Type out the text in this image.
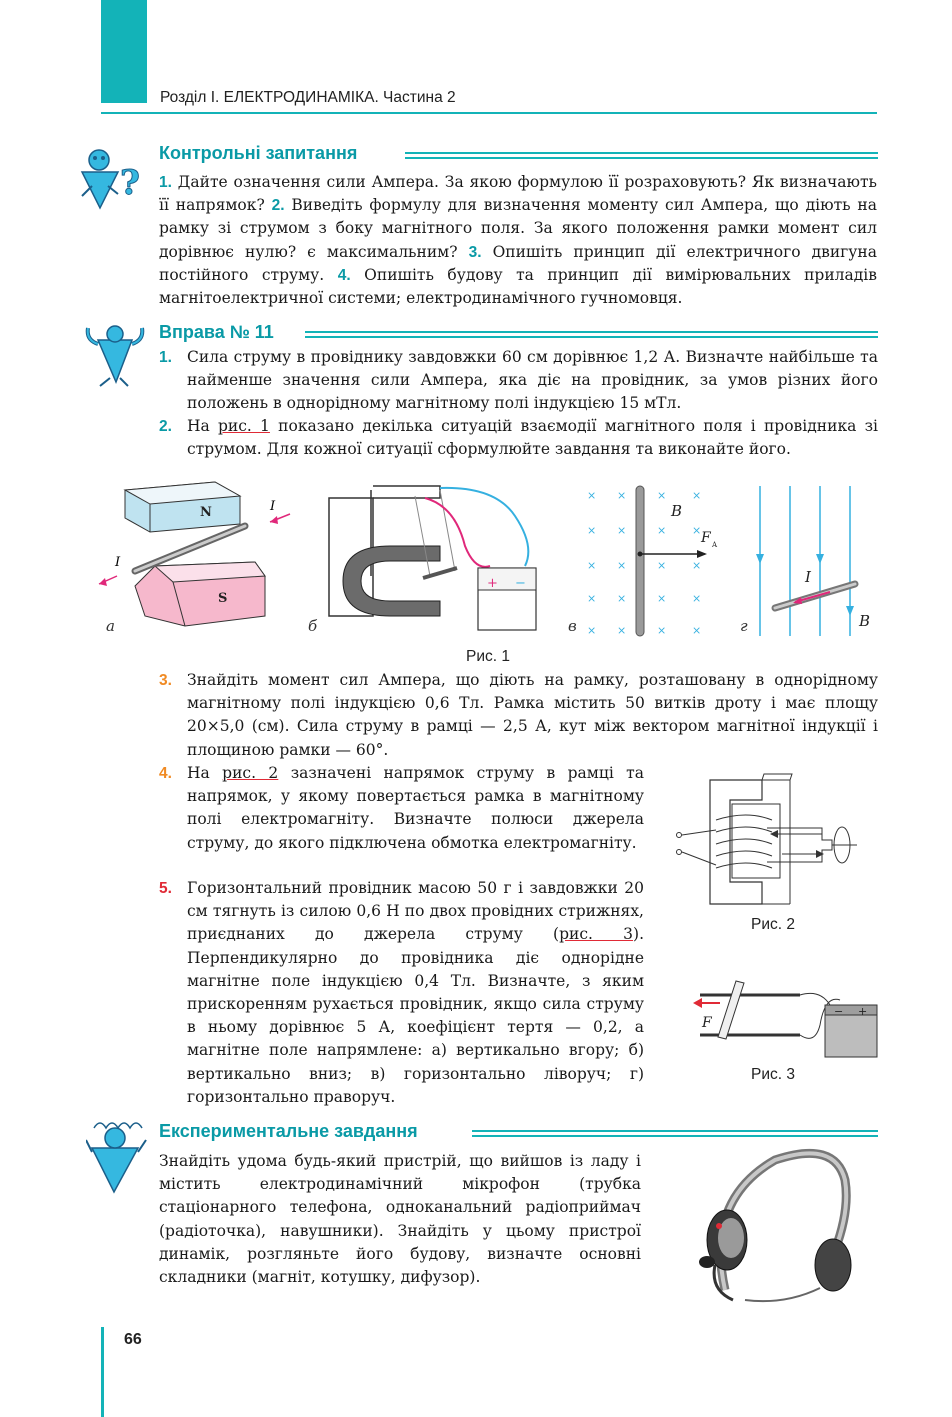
Розділ І. ЕЛЕКТРОДИНАМІКА. Частина 2
?
Контрольні запитання
1. Дайте означення сили Ампера. За якою формулою її розраховують? Як визначають її напрямок? 2. Виведіть формулу для визначення моменту сил Ампера, що діють на рамку зі струмом з боку магнітного поля. За якого положення рамки момент сил дорівнює нулю? є максимальним? 3. Опишіть принцип дії електричного двигуна постійного струму. 4. Опишіть будову та принцип дії вимірювальних приладів магнітоелектричної системи; електродинамічного гучномовця.
Вправа № 11
1. Сила струму в провіднику завдовжки 60 см дорівнює 1,2 А. Визначте найбільше та найменше значення сили Ампера, яка діє на провідник, за умов різних його положень в однорідному магнітному полі індукцією 15 мТл.
2. На рис. 1 показано декілька ситуацій взаємодії магнітного поля і провідника зі струмом. Для кожної ситуації сформулюйте завдання та виконайте його.
N
S
I
I
+ −
× ×	× ×
× ×	× ×
× ×	× ×
× ×	× ×
× ×	× ×
B
F A
I
B
а	б	в	г
Рис. 1
3. Знайдіть момент сил Ампера, що діють на рамку, розташовану в однорідному магнітному полі індукцією 0,6 Тл. Рамка містить 50 витків дроту і має площу 20×5,0 (см). Сила струму в рамці — 2,5 А, кут між вектором магнітної індукції і площиною рамки — 60°.
4. На рис. 2 зазначені напрямок струму в рамці та напрямок, у якому повертається рамка в магнітному полі електромагніту. Визначте полюси джерела струму, до якого підключена обмотка електромагніту.
5. Горизонтальний провідник масою 50 г і завдовжки 20 см тягнуть із силою 0,6 Н по двох провідних стрижнях, приєднаних до джерела струму (рис. 3). Перпендикулярно до провідника діє однорідне магнітне поле індукцією 0,4 Тл. Визначте, з яким прискоренням рухається провідник, якщо сила струму в ньому дорівнює 5 А, коефіцієнт тертя — 0,2, а магнітне поле напрямлене: а) вертикально вгору; б) вертикально вниз; в) горизонтально ліворуч; г) горизонтально праворуч.
Рис. 2
F
− +
Рис. 3
Експериментальне завдання
Знайдіть удома будь-який пристрій, що вийшов із ладу і містить електродинамічний мікрофон (трубка стаціонарного телефона, одноканальний радіоприймач (радіоточка), навушники). Знайдіть у цьому пристрої динамік, розгляньте його будову, визначте основні складники (магніт, котушку, дифузор).
66
